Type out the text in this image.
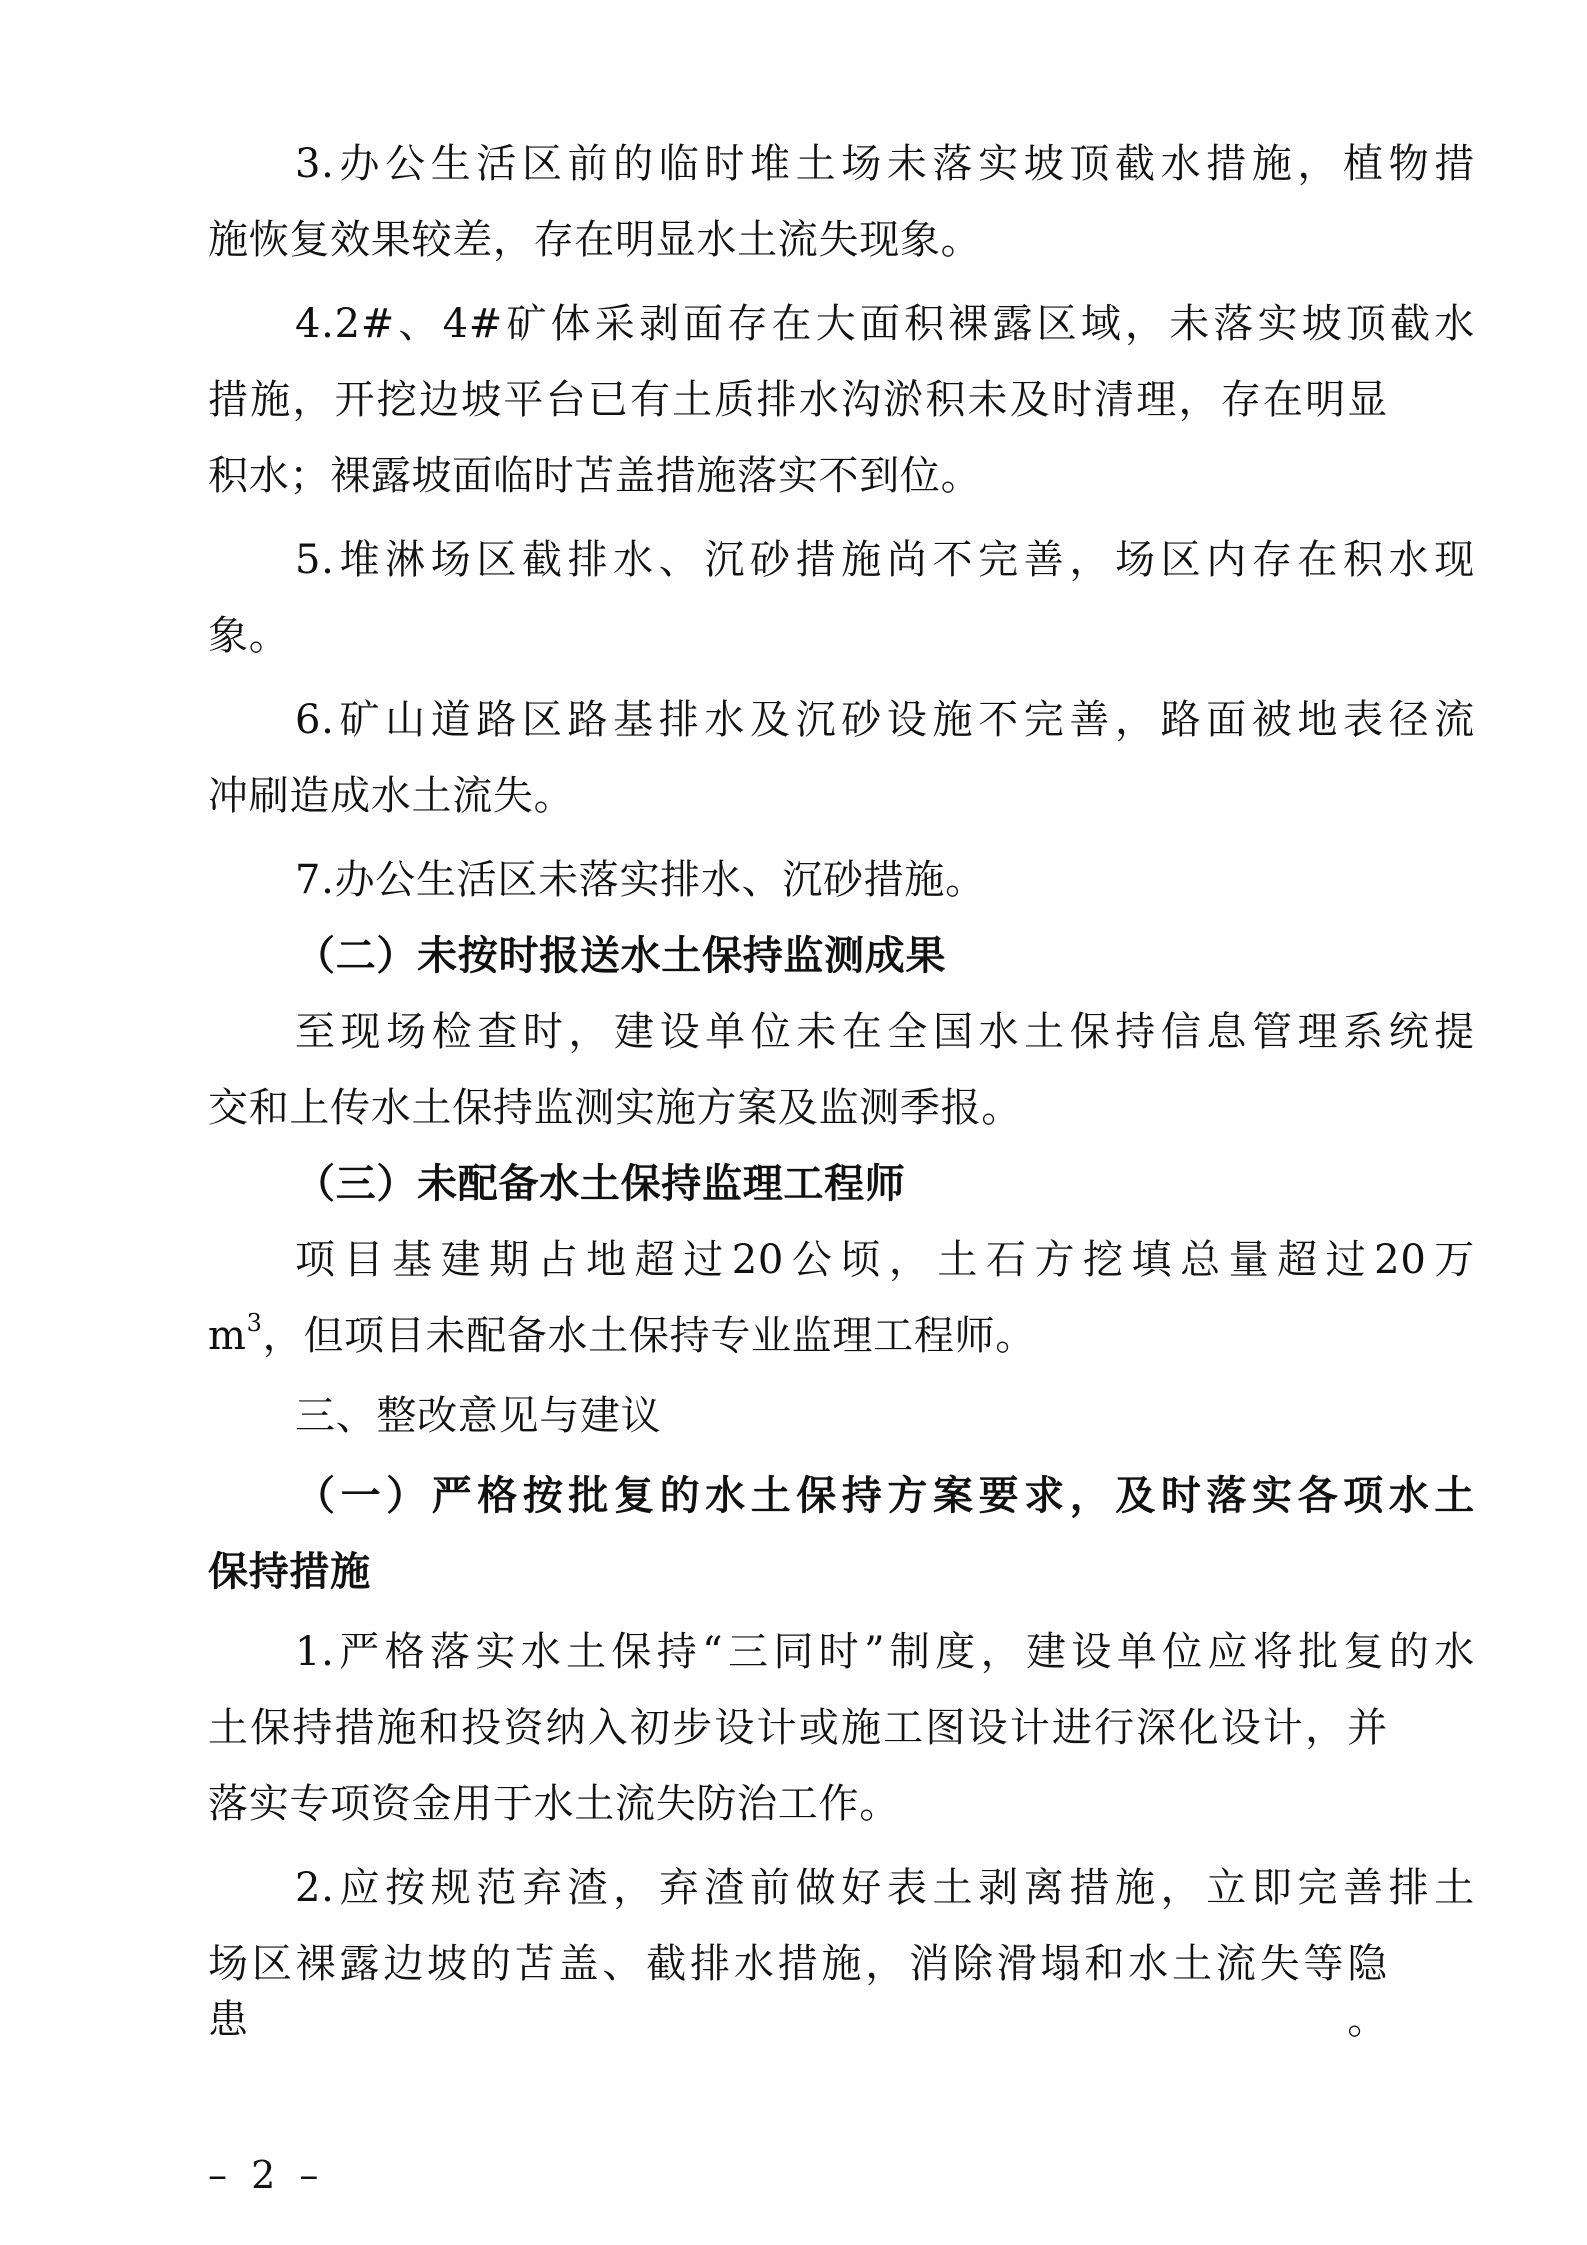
3.办公生活区前的临时堆土场未落实坡顶截水措施，植物措
施恢复效果较差，存在明显水土流失现象。
4.2#、4#矿体采剥面存在大面积裸露区域，未落实坡顶截水
措施，开挖边坡平台已有土质排水沟淤积未及时清理，存在明显
积水；裸露坡面临时苫盖措施落实不到位。
5.堆淋场区截排水、沉砂措施尚不完善，场区内存在积水现
象。
6.矿山道路区路基排水及沉砂设施不完善，路面被地表径流
冲刷造成水土流失。
7.办公生活区未落实排水、沉砂措施。
（二）未按时报送水土保持监测成果
至现场检查时，建设单位未在全国水土保持信息管理系统提
交和上传水土保持监测实施方案及监测季报。
（三）未配备水土保持监理工程师
项目基建期占地超过20公顷，土石方挖填总量超过20万
$m^3$，但项目未配备水土保持专业监理工程师。
三、整改意见与建议
（一）严格按批复的水土保持方案要求，及时落实各项水土
保持措施
1.严格落实水土保持“三同时”制度，建设单位应将批复的水
土保持措施和投资纳入初步设计或施工图设计进行深化设计，并
落实专项资金用于水土流失防治工作。
2.应按规范弃渣，弃渣前做好表土剥离措施，立即完善排土
场区裸露边坡的苫盖、截排水措施，消除滑塌和水土流失等隐患。
– 2 –
